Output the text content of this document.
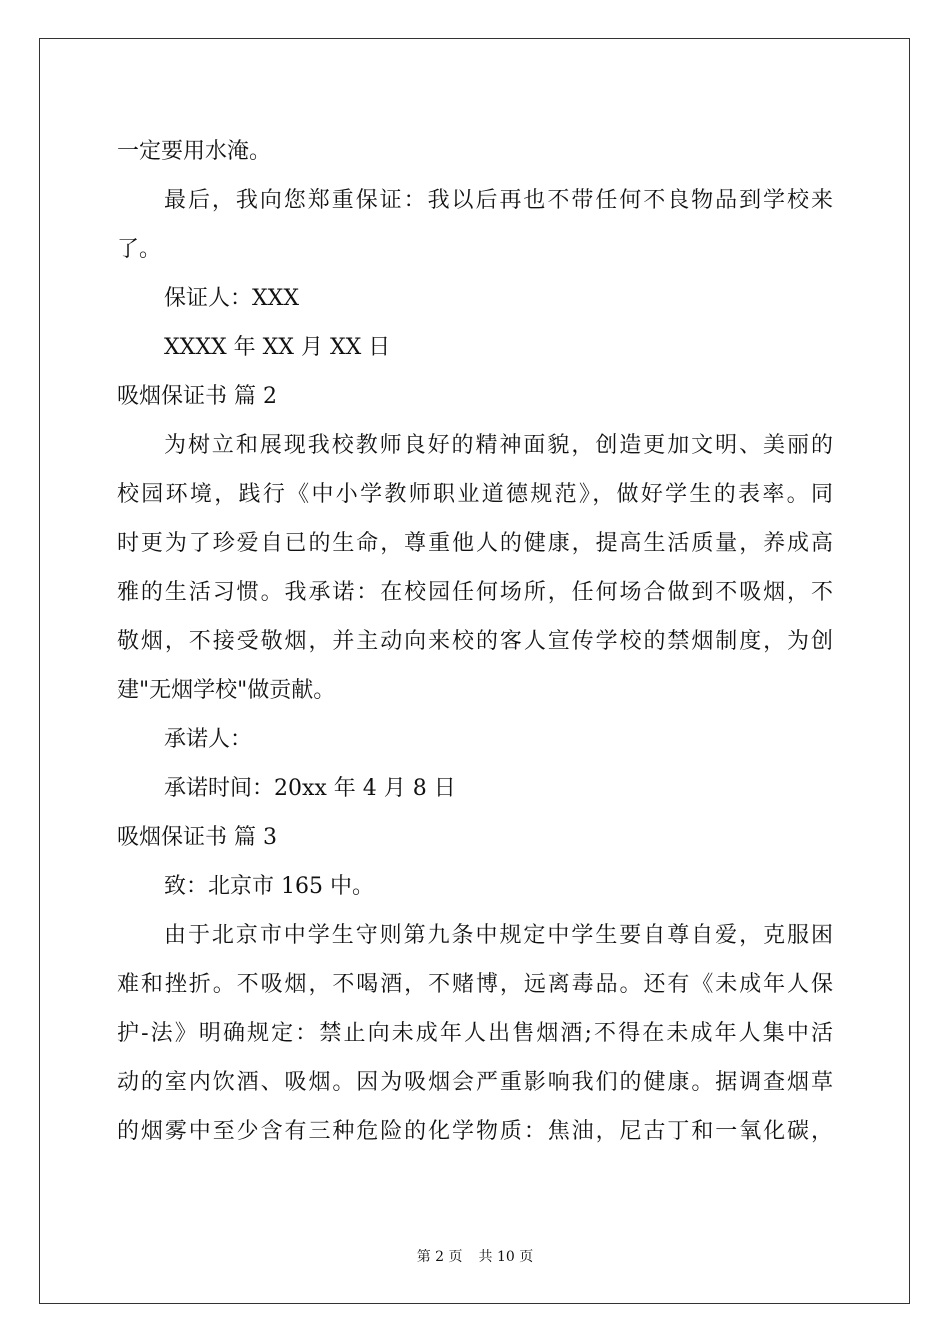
一定要用水淹。
最后，我向您郑重保证：我以后再也不带任何不良物品到学校来
了。
保证人：XXX
XXXX 年 XX 月 XX 日
吸烟保证书 篇 2
为树立和展现我校教师良好的精神面貌，创造更加文明、美丽的
校园环境，践行《中小学教师职业道德规范》，做好学生的表率。同
时更为了珍爱自已的生命，尊重他人的健康，提高生活质量，养成高
雅的生活习惯。我承诺：在校园任何场所，任何场合做到不吸烟，不
敬烟，不接受敬烟，并主动向来校的客人宣传学校的禁烟制度，为创
建"无烟学校"做贡献。
承诺人：
承诺时间：20xx 年 4 月 8 日
吸烟保证书 篇 3
致：北京市 165 中。
由于北京市中学生守则第九条中规定中学生要自尊自爱，克服困
难和挫折。不吸烟，不喝酒，不赌博，远离毒品。还有《未成年人保
护-法》明确规定：禁止向未成年人出售烟酒;不得在未成年人集中活
动的室内饮酒、吸烟。因为吸烟会严重影响我们的健康。据调查烟草
的烟雾中至少含有三种危险的化学物质：焦油，尼古丁和一氧化碳，
第 2 页 共 10 页
